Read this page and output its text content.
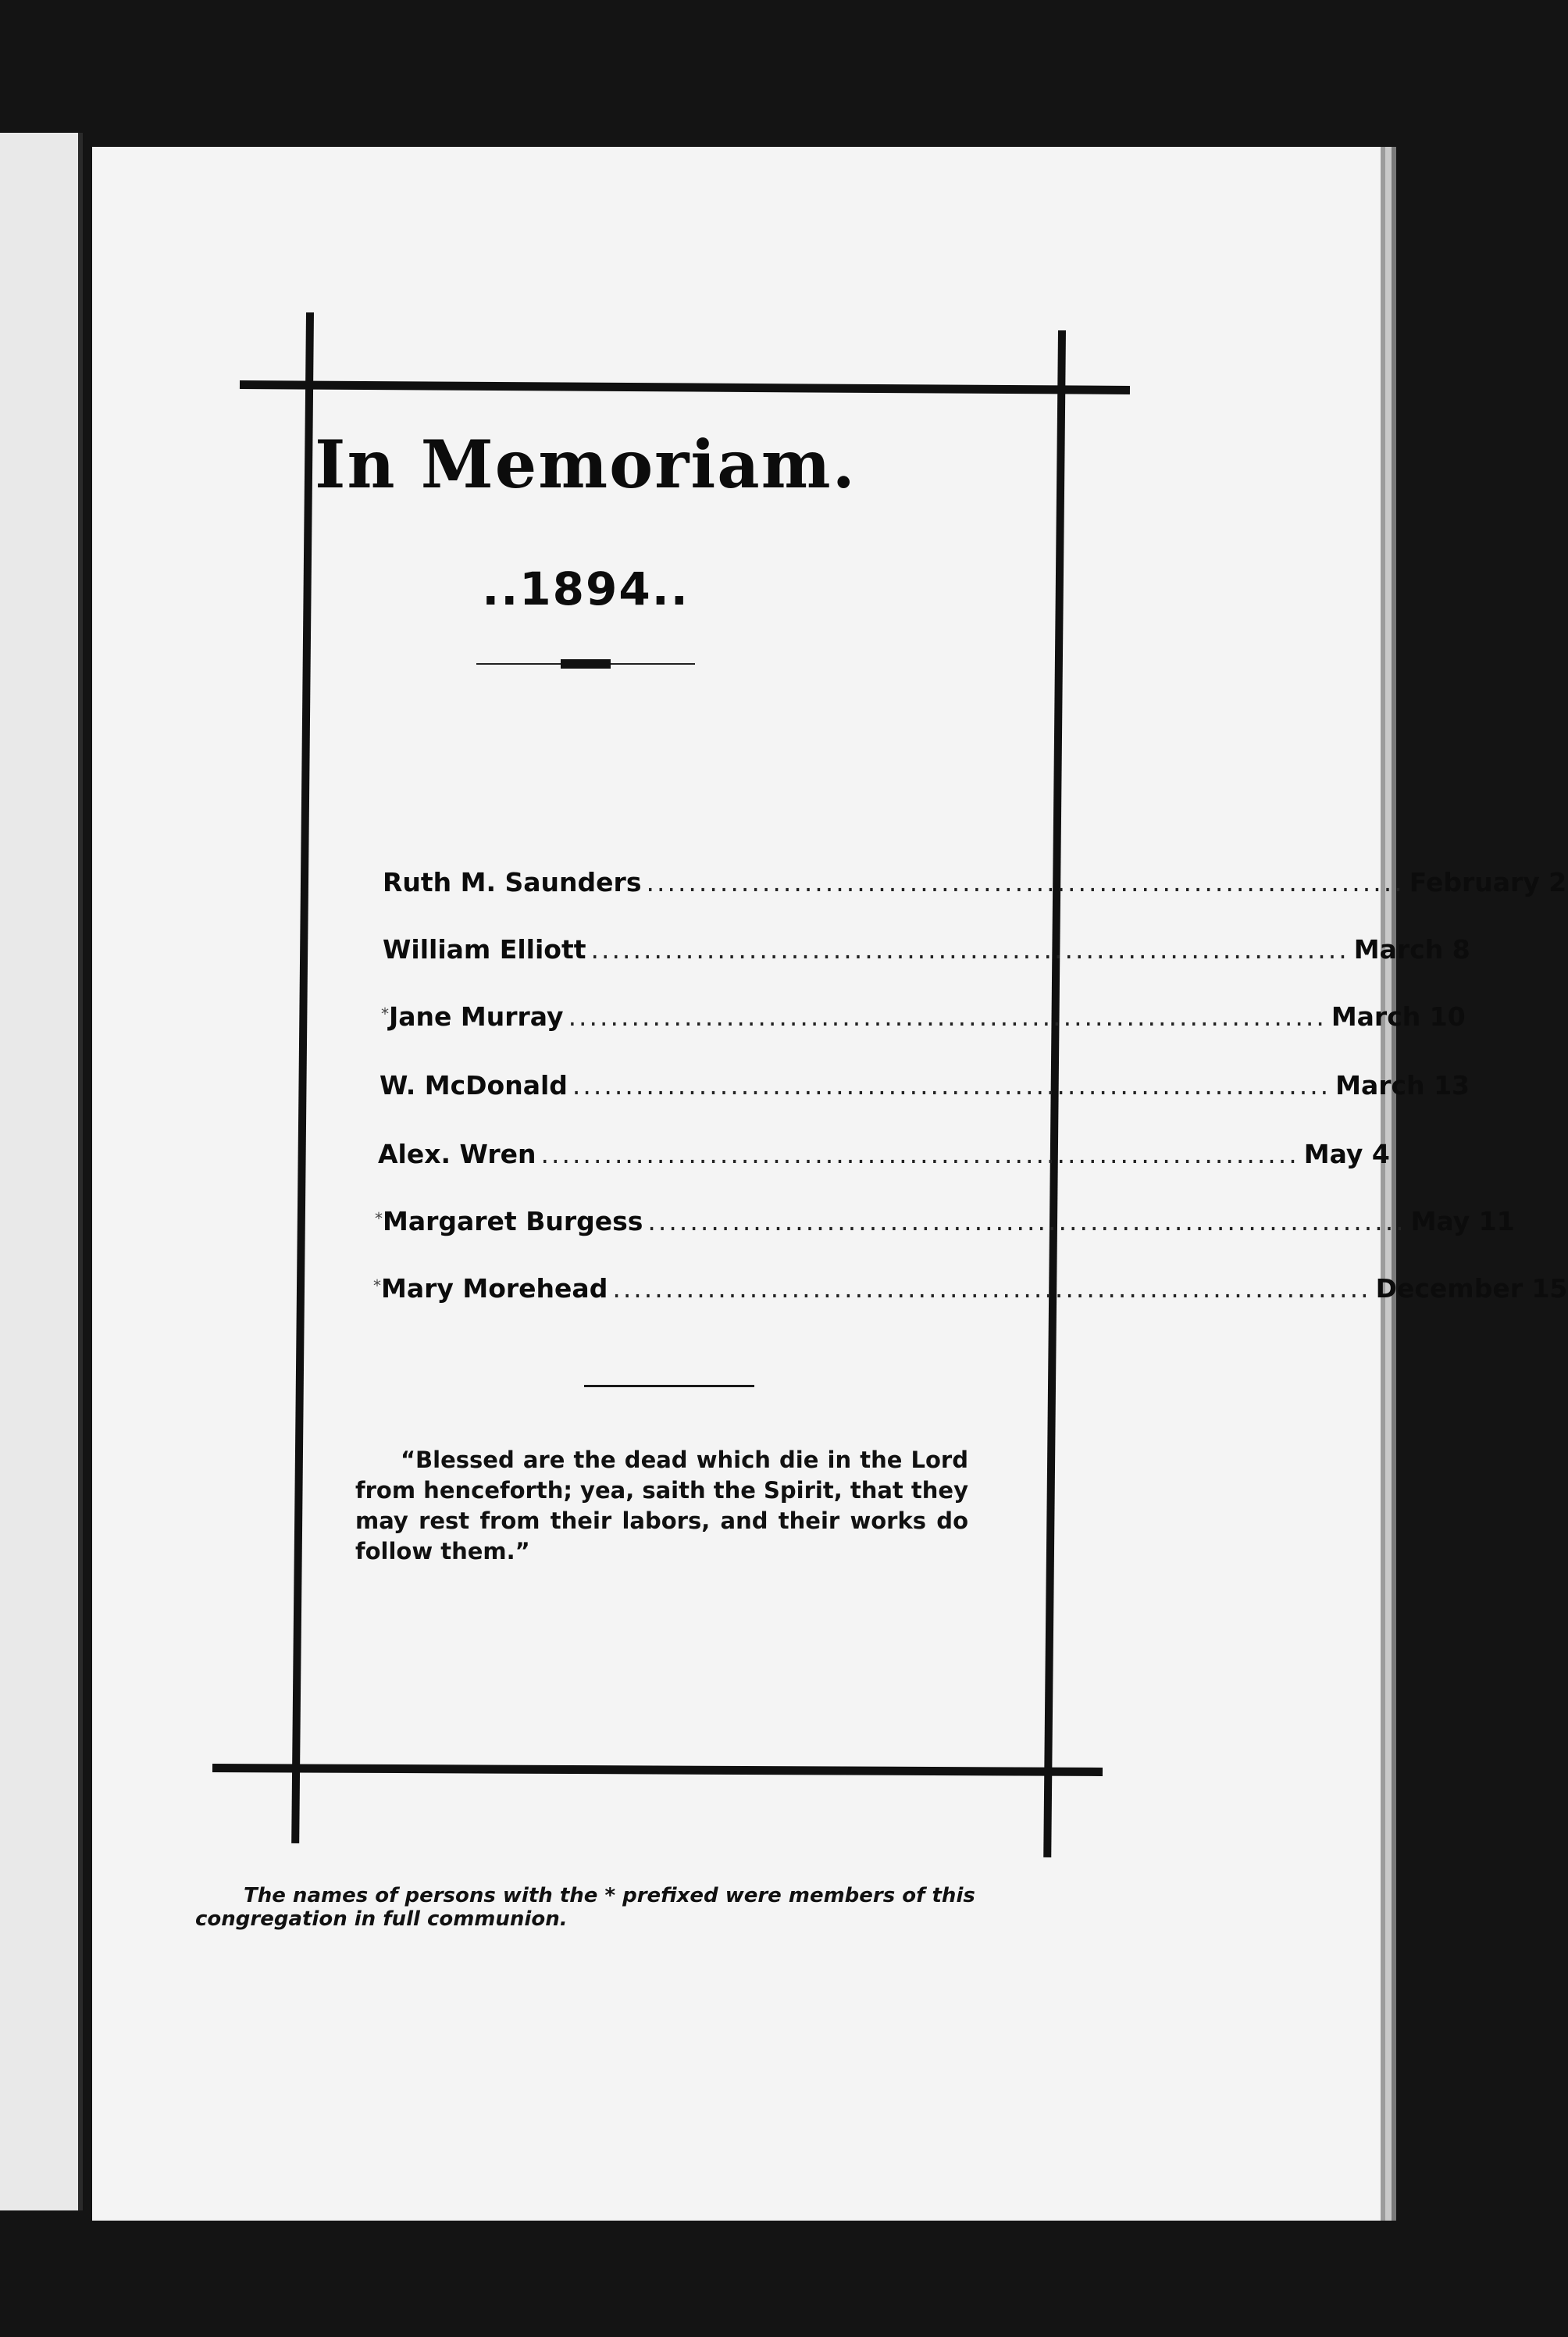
In Memoriam.
..1894..
Ruth M. Saunders ........................................................................ February 2
William Elliott ........................................................................ March 8
* Jane Murray ........................................................................ March 10
W. McDonald ........................................................................ March 13
Alex. Wren ........................................................................ May 4
* Margaret Burgess ........................................................................ May 11
* Mary Morehead ........................................................................ December 15
“Blessed are the dead which die in the Lord from henceforth; yea, saith the Spirit, that they may rest from their labors, and their works do follow them.”
The names of persons with the * prefixed were members of this congregation in full communion.
